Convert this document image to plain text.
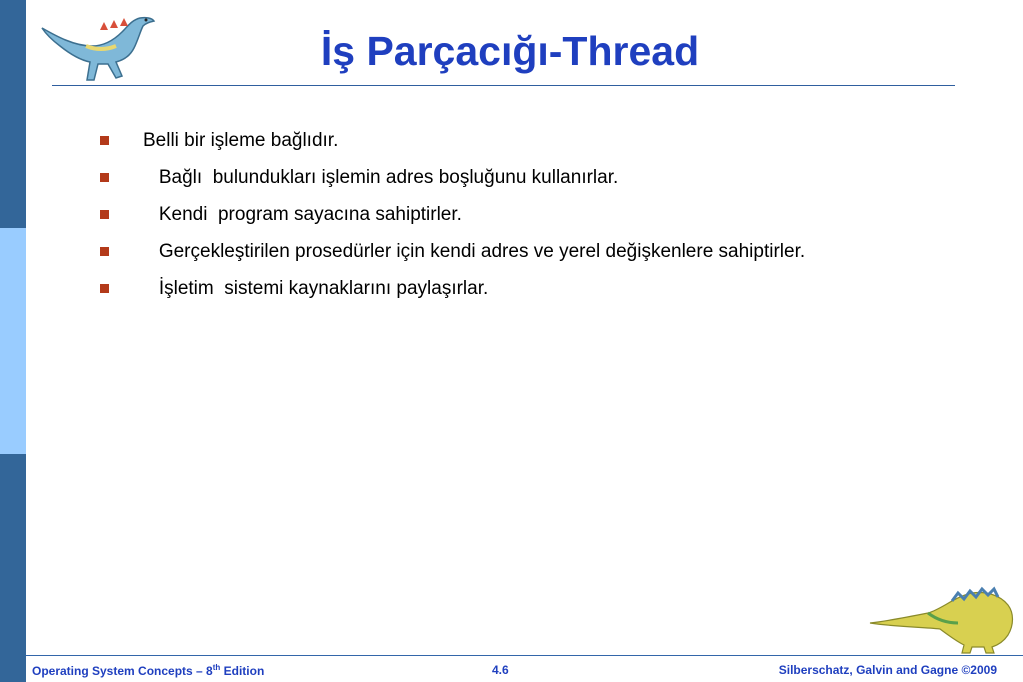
İş Parçacığı-Thread

Belli bir işleme bağlıdır.

Bağlı  bulundukları işlemin adres boşluğunu kullanırlar.

Kendi  program sayacına sahiptirler.

Gerçekleştirilen prosedürler için kendi adres ve yerel değişkenlere sahiptirler.

İşletim  sistemi kaynaklarını paylaşırlar.

Operating System Concepts – 8th Edition	4.6	Silberschatz, Galvin and Gagne ©2009
